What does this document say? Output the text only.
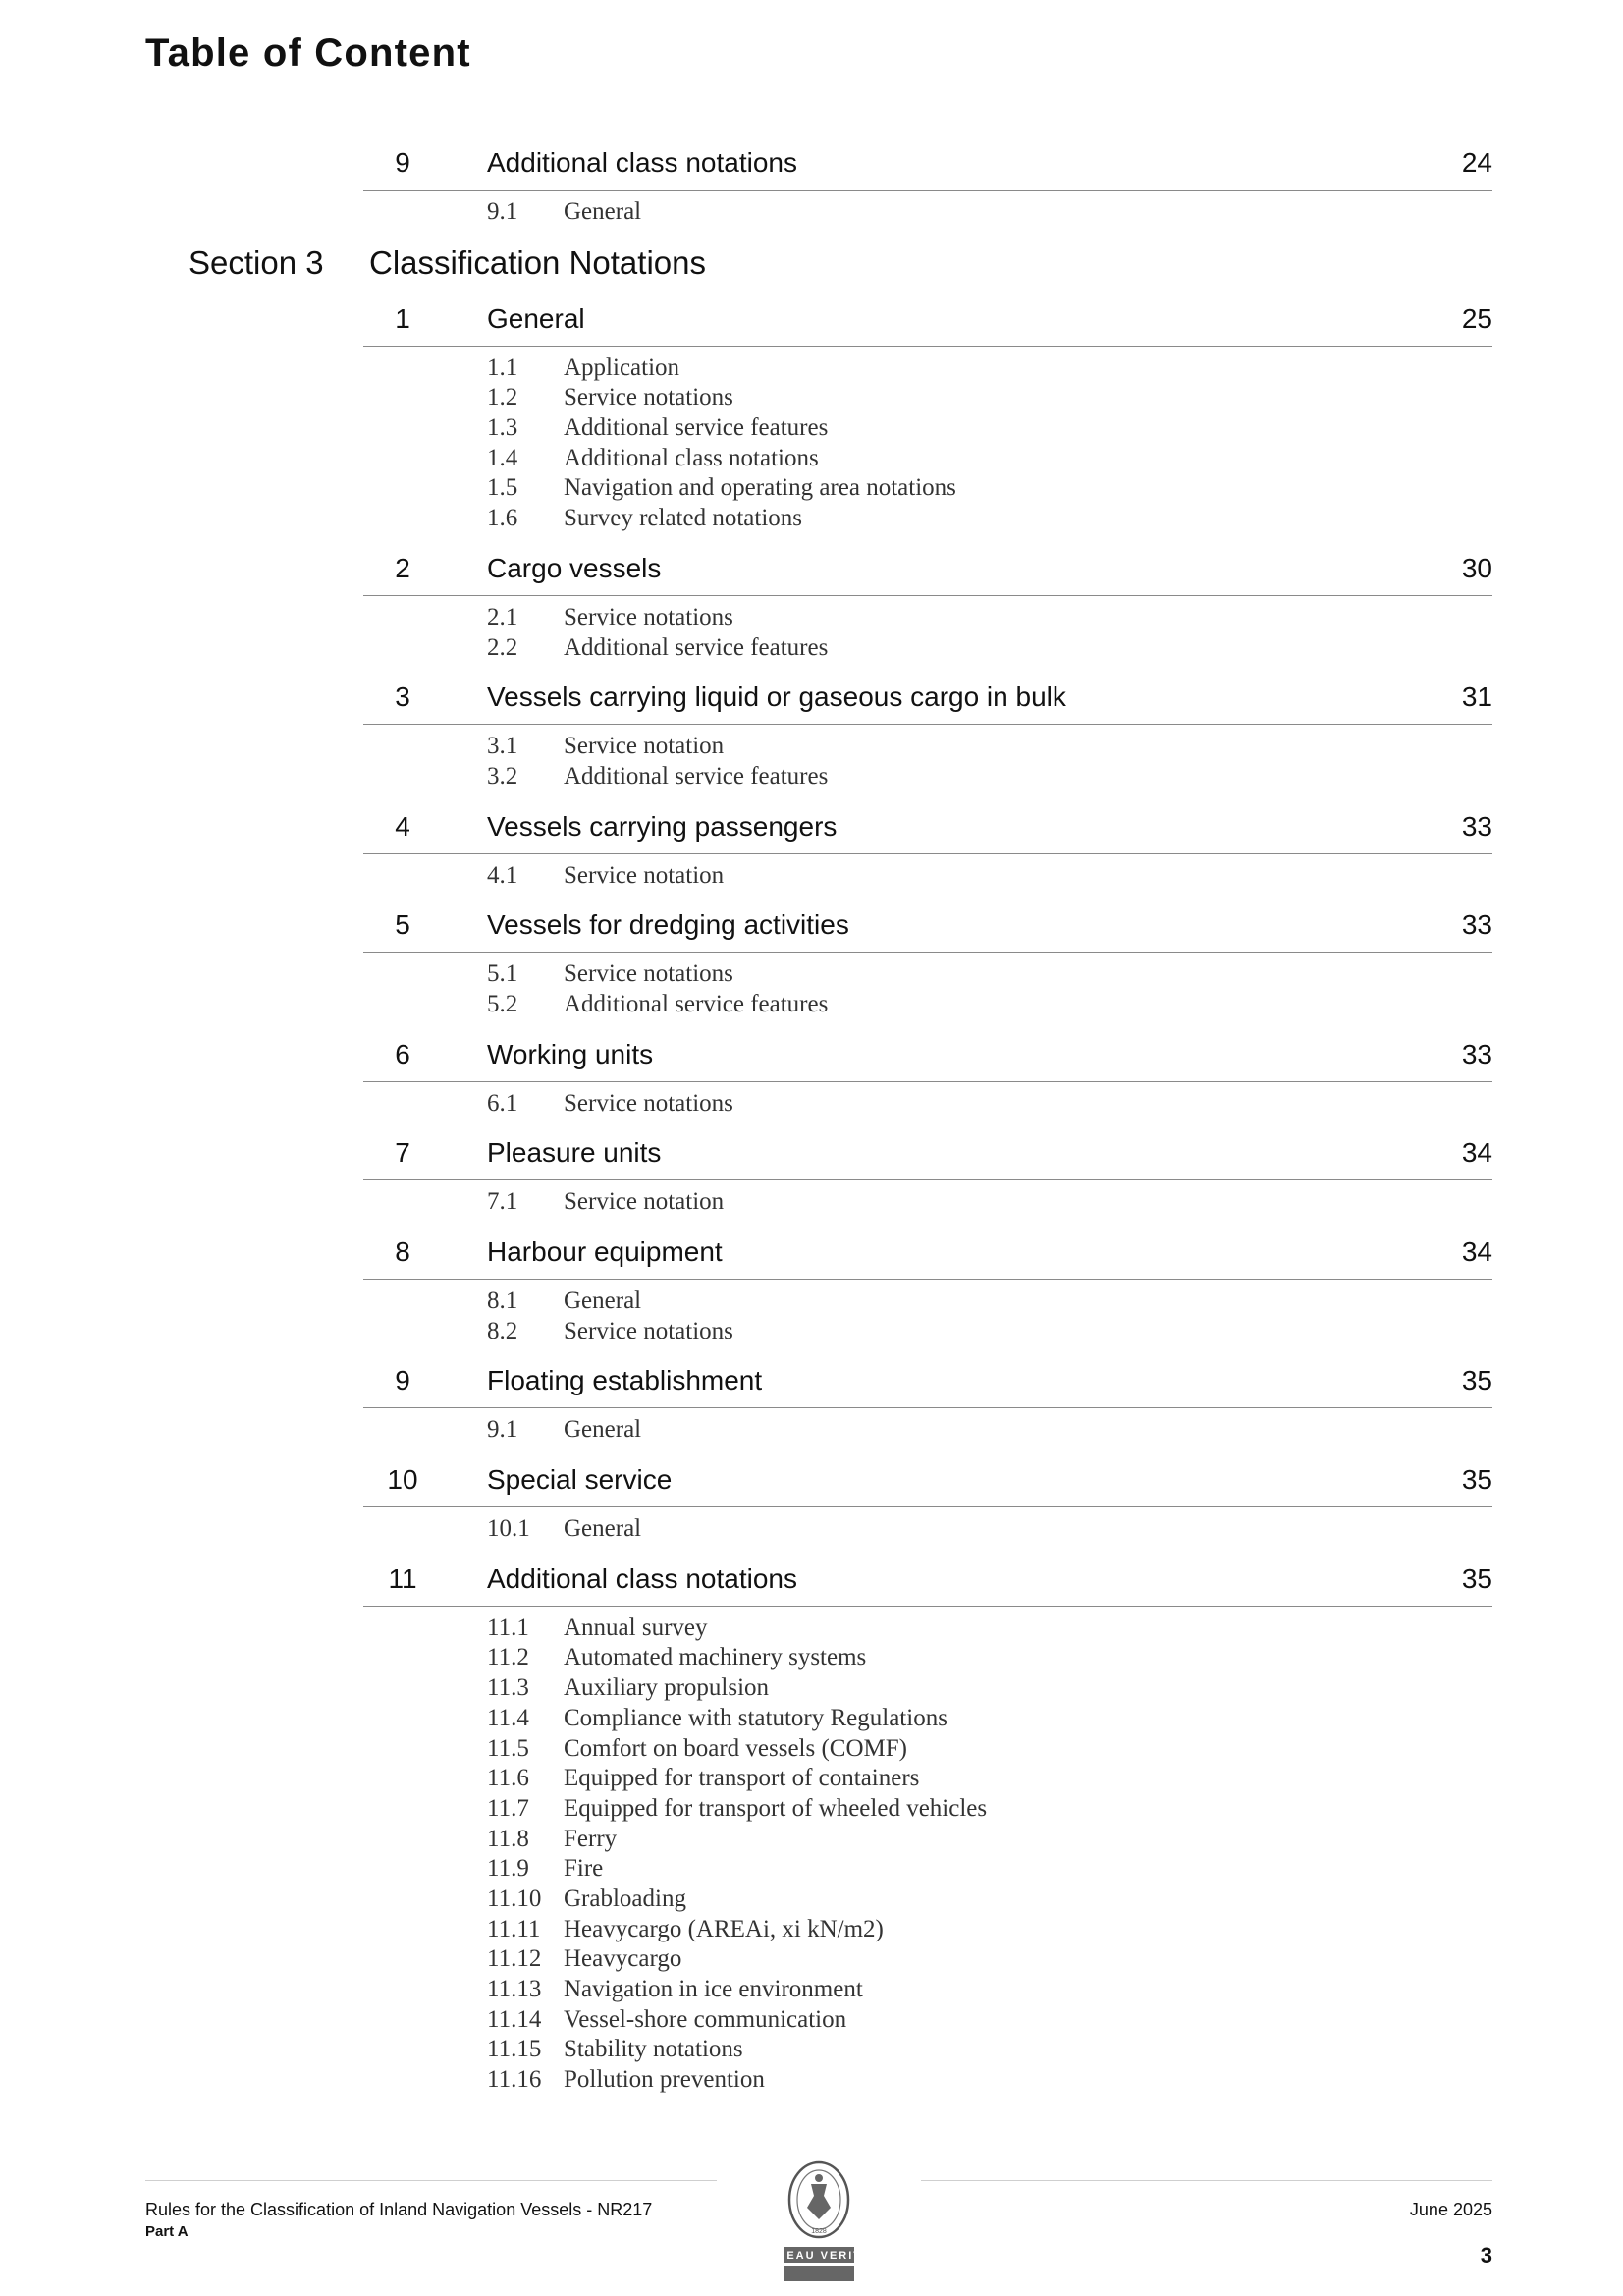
Table of Content
9	Additional class notations	24
9.1 General
Section 3 Classification Notations
1	General	25
1.1 Application
1.2 Service notations
1.3 Additional service features
1.4 Additional class notations
1.5 Navigation and operating area notations
1.6 Survey related notations
2	Cargo vessels	30
2.1 Service notations
2.2 Additional service features
3	Vessels carrying liquid or gaseous cargo in bulk	31
3.1 Service notation
3.2 Additional service features
4	Vessels carrying passengers	33
4.1 Service notation
5	Vessels for dredging activities	33
5.1 Service notations
5.2 Additional service features
6	Working units	33
6.1 Service notations
7	Pleasure units	34
7.1 Service notation
8	Harbour equipment	34
8.1 General
8.2 Service notations
9	Floating establishment	35
9.1 General
10	Special service	35
10.1 General
11	Additional class notations	35
11.1 Annual survey
11.2 Automated machinery systems
11.3 Auxiliary propulsion
11.4 Compliance with statutory Regulations
11.5 Comfort on board vessels (COMF)
11.6 Equipped for transport of containers
11.7 Equipped for transport of wheeled vehicles
11.8 Ferry
11.9 Fire
11.10 Grabloading
11.11 Heavycargo (AREAi, xi kN/m2)
11.12 Heavycargo
11.13 Navigation in ice environment
11.14 Vessel-shore communication
11.15 Stability notations
11.16 Pollution prevention
Rules for the Classification of Inland Navigation Vessels - NR217
Part A
June 2025
3
BUREAU VERITAS
1828
